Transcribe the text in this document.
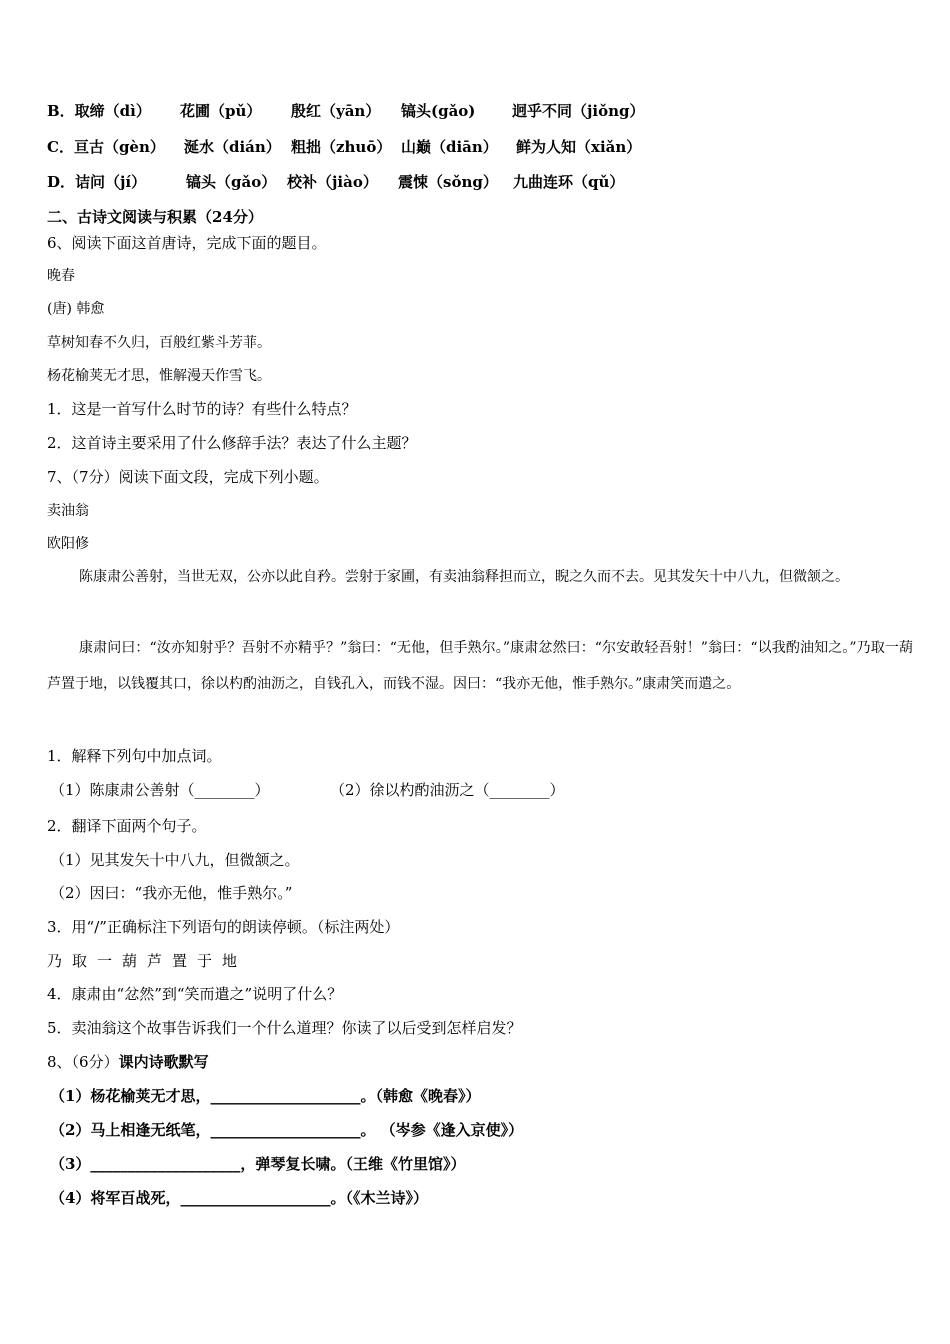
B．取缔（dì） 花圃（pǔ） 殷红（yān） 镐头(gǎo) 迥乎不同（jiǒng）
C．亘古（gèn） 涎水（dián） 粗拙（zhuō） 山巅（diān） 鲜为人知（xiǎn）
D．诘问（jí）	镐头（gǎo） 校补（jiào） 震悚（sǒng） 九曲连环（qǔ）
二、古诗文阅读与积累（24分）
6、阅读下面这首唐诗，完成下面的题目。
晚春
(唐) 韩愈
草树知春不久归，百般红紫斗芳菲。
杨花榆荚无才思，惟解漫天作雪飞。
1．这是一首写什么时节的诗？有些什么特点？
2．这首诗主要采用了什么修辞手法？表达了什么主题？
7、（7分）阅读下面文段，完成下列小题。
卖油翁
欧阳修
陈康肃公善射，当世无双，公亦以此自矜。尝射于家圃，有卖油翁释担而立，睨之久而不去。见其发矢十中八九，但微颔之。
康肃问曰：“汝亦知射乎？吾射不亦精乎？”翁曰：“无他，但手熟尔。”康肃忿然曰：“尔安敢轻吾射！”翁曰：“以我酌油知之。”乃取一葫芦置于地，以钱覆其口，徐以杓酌油沥之，自钱孔入，而钱不湿。因曰：“我亦无他，惟手熟尔。”康肃笑而遣之。
1．解释下列句中加点词。
（1）陈康肃公善射（________）	（2）徐以杓酌油沥之（________）
2．翻译下面两个句子。
（1）见其发矢十中八九，但微颔之。
（2）因曰：“我亦无他，惟手熟尔。”
3．用“/”正确标注下列语句的朗读停顿。（标注两处）
乃取一葫芦置于地
4．康肃由“忿然”到“笑而遣之”说明了什么？
5．卖油翁这个故事告诉我们一个什么道理？你读了以后受到怎样启发？
8、（6分）课内诗歌默写
（1）杨花榆荚无才思，____________________。（韩愈《晚春》）
（2）马上相逢无纸笔，____________________。 （岑参《逢入京使》）
（3）____________________，弹琴复长啸。（王维《竹里馆》）
（4）将军百战死，____________________。（《木兰诗》）
